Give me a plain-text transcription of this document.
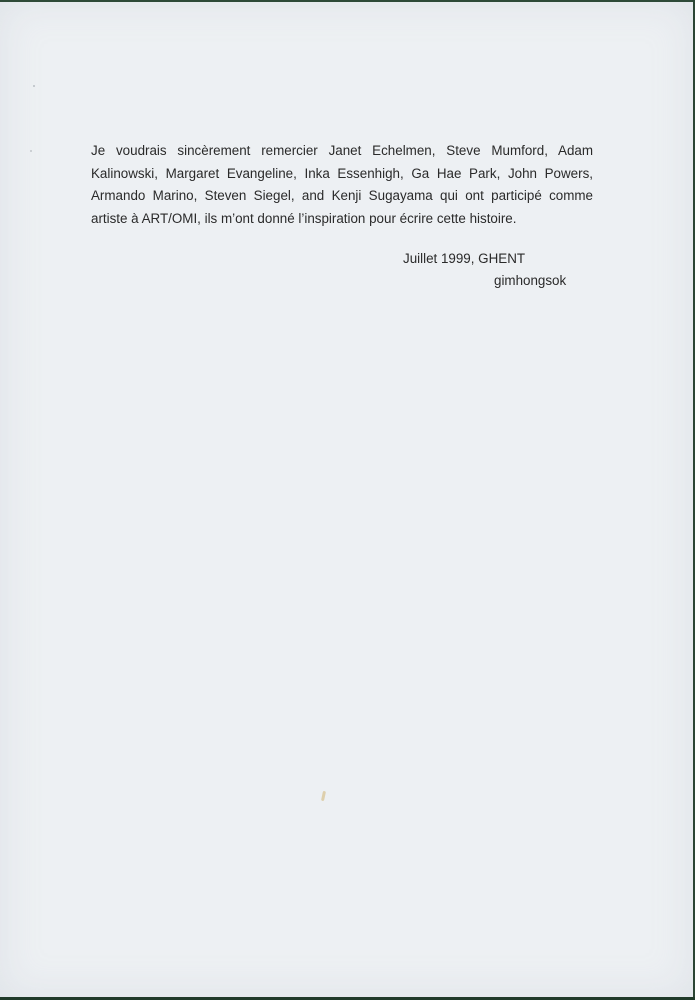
Je voudrais sincèrement remercier Janet Echelmen, Steve Mumford, Adam Kalinowski, Margaret Evangeline, Inka Essenhigh, Ga Hae Park, John Powers, Armando Marino, Steven Siegel, and Kenji Sugayama qui ont participé comme artiste à ART/OMI, ils m’ont donné l’inspiration pour écrire cette histoire.

Juillet 1999, GHENT
gimhongsok
